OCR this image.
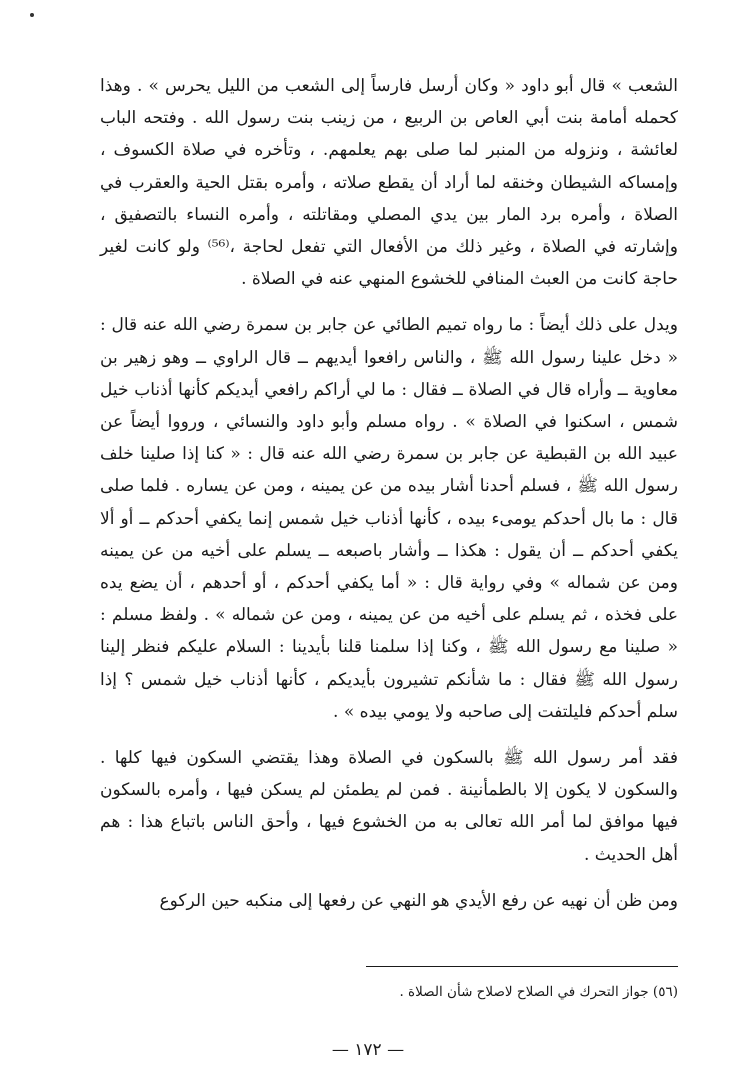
الشعب » قال أبو داود « وكان أرسل فارساً إلى الشعب من الليل يحرس » . وهذا كحمله أمامة بنت أبي العاص بن الربيع ، من زينب بنت رسول الله . وفتحه الباب لعائشة ، ونزوله من المنبر لما صلى بهم يعلمهم. ، وتأخره في صلاة الكسوف ، وإمساكه الشيطان وخنقه لما أراد أن يقطع صلاته ، وأمره بقتل الحية والعقرب في الصلاة ، وأمره برد المار بين يدي المصلي ومقاتلته ، وأمره النساء بالتصفيق ، وإشارته في الصلاة ، وغير ذلك من الأفعال التي تفعل لحاجة ،⁽⁵⁶⁾ ولو كانت لغير حاجة كانت من العبث المنافي للخشوع المنهي عنه في الصلاة .

ويدل على ذلك أيضاً : ما رواه تميم الطائي عن جابر بن سمرة رضي الله عنه قال : « دخل علينا رسول الله ﷺ ، والناس رافعوا أيديهم ــ قال الراوي ــ وهو زهير بن معاوية ــ وأراه قال في الصلاة ــ فقال : ما لي أراكم رافعي أيديكم كأنها أذناب خيل شمس ، اسكنوا في الصلاة » . رواه مسلم وأبو داود والنسائي ، ورووا أيضاً عن عبيد الله بن القبطية عن جابر بن سمرة رضي الله عنه قال : « كنا إذا صلينا خلف رسول الله ﷺ ، فسلم أحدنا أشار بيده من عن يمينه ، ومن عن يساره . فلما صلى قال : ما بال أحدكم يومىء بيده ، كأنها أذناب خيل شمس إنما يكفي أحدكم ــ أو ألا يكفي أحدكم ــ أن يقول : هكذا ــ وأشار باصبعه ــ يسلم على أخيه من عن يمينه ومن عن شماله » وفي رواية قال : « أما يكفي أحدكم ، أو أحدهم ، أن يضع يده على فخذه ، ثم يسلم على أخيه من عن يمينه ، ومن عن شماله » . ولفظ مسلم : « صلينا مع رسول الله ﷺ ، وكنا إذا سلمنا قلنا بأيدينا : السلام عليكم فنظر إلينا رسول الله ﷺ فقال : ما شأنكم تشيرون بأيديكم ، كأنها أذناب خيل شمس ؟ إذا سلم أحدكم فليلتفت إلى صاحبه ولا يومي بيده » .

فقد أمر رسول الله ﷺ بالسكون في الصلاة وهذا يقتضي السكون فيها كلها . والسكون لا يكون إلا بالطمأنينة . فمن لم يطمئن لم يسكن فيها ، وأمره بالسكون فيها موافق لما أمر الله تعالى به من الخشوع فيها ، وأحق الناس باتباع هذا : هم أهل الحديث .

ومن ظن أن نهيه عن رفع الأيدي هو النهي عن رفعها إلى منكبه حين الركوع

(٥٦) جواز التحرك في الصلاح لاصلاح شأن الصلاة .
— ١٧٢ —
